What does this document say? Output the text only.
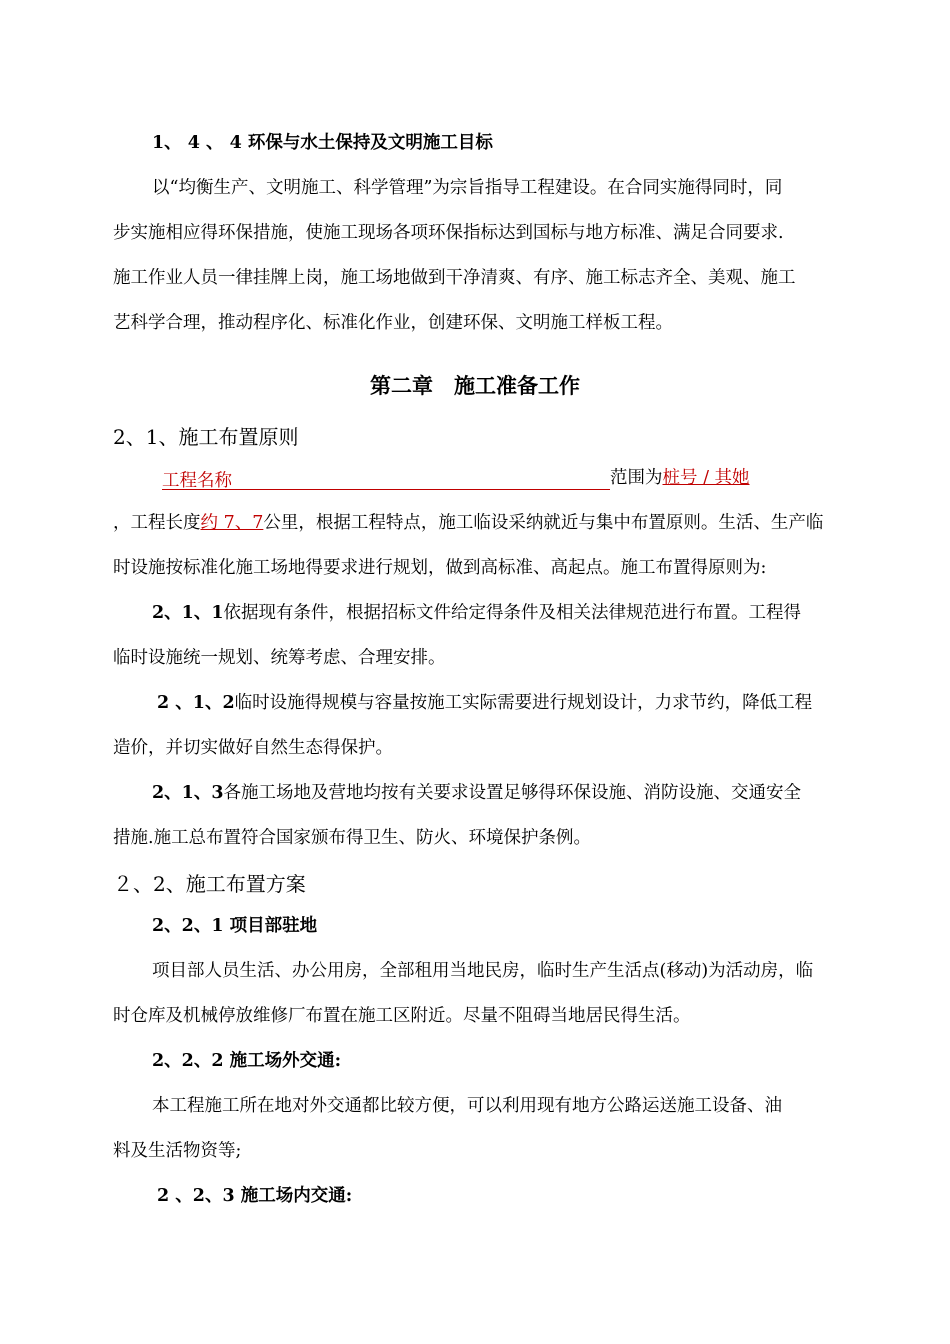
1、 4 、 4 环保与水土保持及文明施工目标
以“均衡生产、文明施工、科学管理”为宗旨指导工程建设。在合同实施得同时，同
步实施相应得环保措施，使施工现场各项环保指标达到国标与地方标准、满足合同要求.
施工作业人员一律挂牌上岗，施工场地做到干净清爽、有序、施工标志齐全、美观、施工
艺科学合理，推动程序化、标准化作业，创建环保、文明施工样板工程。
第二章　施工准备工作
2、1、施工布置原则
工程名称	范围为桩号 / 其她
，工程长度约 7、7公里，根据工程特点，施工临设采纳就近与集中布置原则。生活、生产临
时设施按标准化施工场地得要求进行规划，做到高标准、高起点。施工布置得原则为:
2、1、1依据现有条件，根据招标文件给定得条件及相关法律规范进行布置。工程得
临时设施统一规划、统筹考虑、合理安排。
2 、1、2临时设施得规模与容量按施工实际需要进行规划设计，力求节约，降低工程
造价，并切实做好自然生态得保护。
2、1、3各施工场地及营地均按有关要求设置足够得环保设施、消防设施、交通安全
措施.施工总布置符合国家颁布得卫生、防火、环境保护条例。
２、2、施工布置方案
2、2、1 项目部驻地
项目部人员生活、办公用房，全部租用当地民房，临时生产生活点(移动)为活动房，临
时仓库及机械停放维修厂布置在施工区附近。尽量不阻碍当地居民得生活。
2、2、2 施工场外交通:
本工程施工所在地对外交通都比较方便，可以利用现有地方公路运送施工设备、油
料及生活物资等;
2 、2、3 施工场内交通:
